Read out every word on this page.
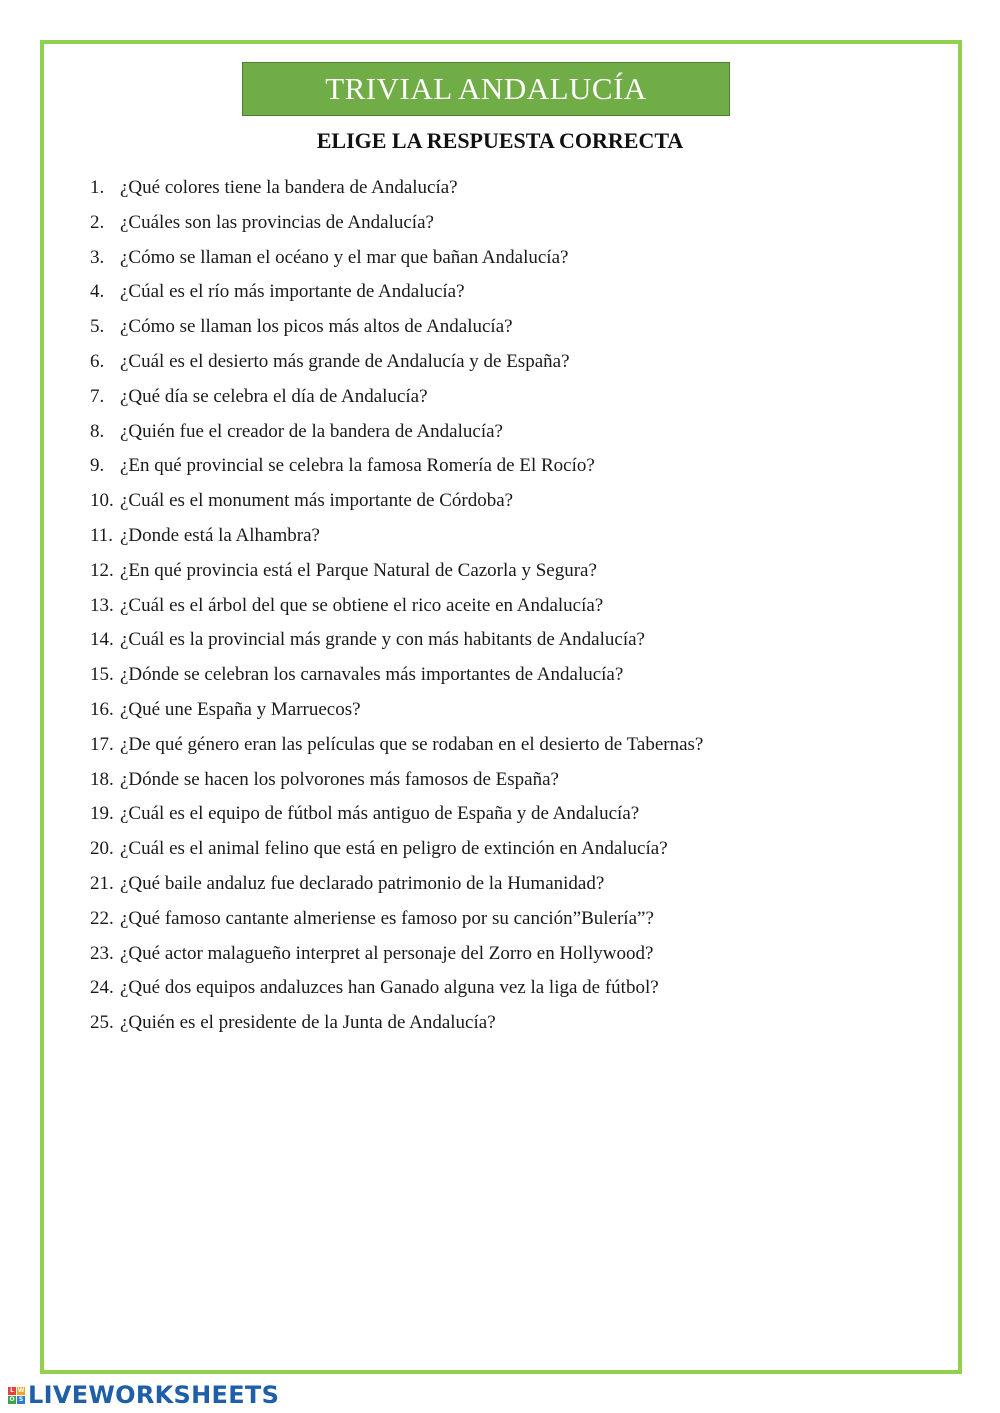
TRIVIAL ANDALUCÍA
ELIGE LA RESPUESTA CORRECTA
1. ¿Qué colores tiene la bandera de Andalucía?
2. ¿Cuáles son las provincias de Andalucía?
3. ¿Cómo se llaman el océano y el mar que bañan Andalucía?
4. ¿Cúal es el río más importante de Andalucía?
5. ¿Cómo se llaman los picos más altos de Andalucía?
6. ¿Cuál es el desierto más grande de Andalucía y de España?
7. ¿Qué día se celebra el día de Andalucía?
8. ¿Quién fue el creador de la bandera de Andalucía?
9. ¿En qué provincial se celebra la famosa Romería de El Rocío?
10. ¿Cuál es el monument más importante de Córdoba?
11. ¿Donde está la Alhambra?
12. ¿En qué provincia está el Parque Natural de Cazorla y Segura?
13. ¿Cuál es el árbol del que se obtiene el rico aceite en Andalucía?
14. ¿Cuál es la provincial más grande y con más habitants de Andalucía?
15. ¿Dónde se celebran los carnavales más importantes de Andalucía?
16. ¿Qué une España y Marruecos?
17. ¿De qué género eran las películas que se rodaban en el desierto de Tabernas?
18. ¿Dónde se hacen los polvorones más famosos de España?
19. ¿Cuál es el equipo de fútbol más antiguo de España y de Andalucía?
20. ¿Cuál es el animal felino que está en peligro de extinción en Andalucía?
21. ¿Qué baile andaluz fue declarado patrimonio de la Humanidad?
22. ¿Qué famoso cantante almeriense es famoso por su canción”Bulería”?
23. ¿Qué actor malagueño interpret al personaje del Zorro en Hollywood?
24. ¿Qué dos equipos andaluzces han Ganado alguna vez la liga de fútbol?
25. ¿Quién es el presidente de la Junta de Andalucía?
L W
O S LIVEWORKSHEETS
